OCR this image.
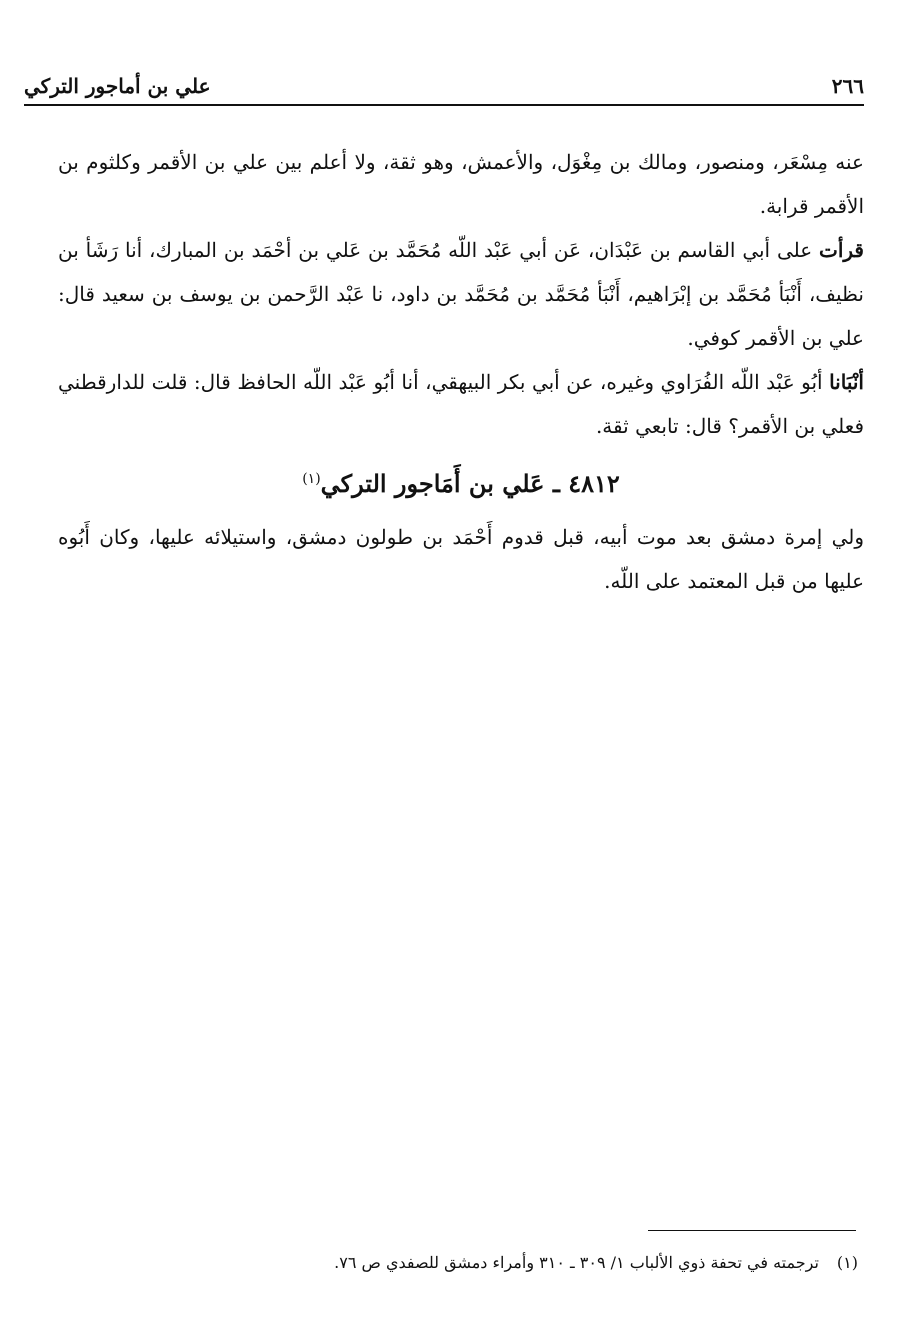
٢٦٦
علي بن أماجور التركي

عنه مِسْعَر، ومنصور، ومالك بن مِغْوَل، والأعمش، وهو ثقة، ولا أعلم بين علي بن الأقمر وكلثوم بن الأقمر قرابة.

قرأت على أبي القاسم بن عَبْدَان، عَن أبي عَبْد اللّه مُحَمَّد بن عَلي بن أحْمَد بن المبارك، أنا رَشَأ بن نظيف، أَنْبَأ مُحَمَّد بن إبْرَاهيم، أَنْبَأ مُحَمَّد بن مُحَمَّد بن داود، نا عَبْد الرَّحمن بن يوسف بن سعيد قال: علي بن الأقمر كوفي.

أنْبَانا أبُو عَبْد اللّه الفُرَاوي وغيره، عن أبي بكر البيهقي، أنا أبُو عَبْد اللّه الحافظ قال: قلت للدارقطني فعلي بن الأقمر؟ قال: تابعي ثقة.

٤٨١٢ ـ عَلي بن أَمَاجور التركي$^{(١)}$

ولي إمرة دمشق بعد موت أبيه، قبل قدوم أَحْمَد بن طولون دمشق، واستيلائه عليها، وكان أَبُوه عليها من قبل المعتمد على اللّه.

(١)ترجمته في تحفة ذوي الألباب ١/ ٣٠٩ ـ ٣١٠ وأمراء دمشق للصفدي ص ٧٦.
